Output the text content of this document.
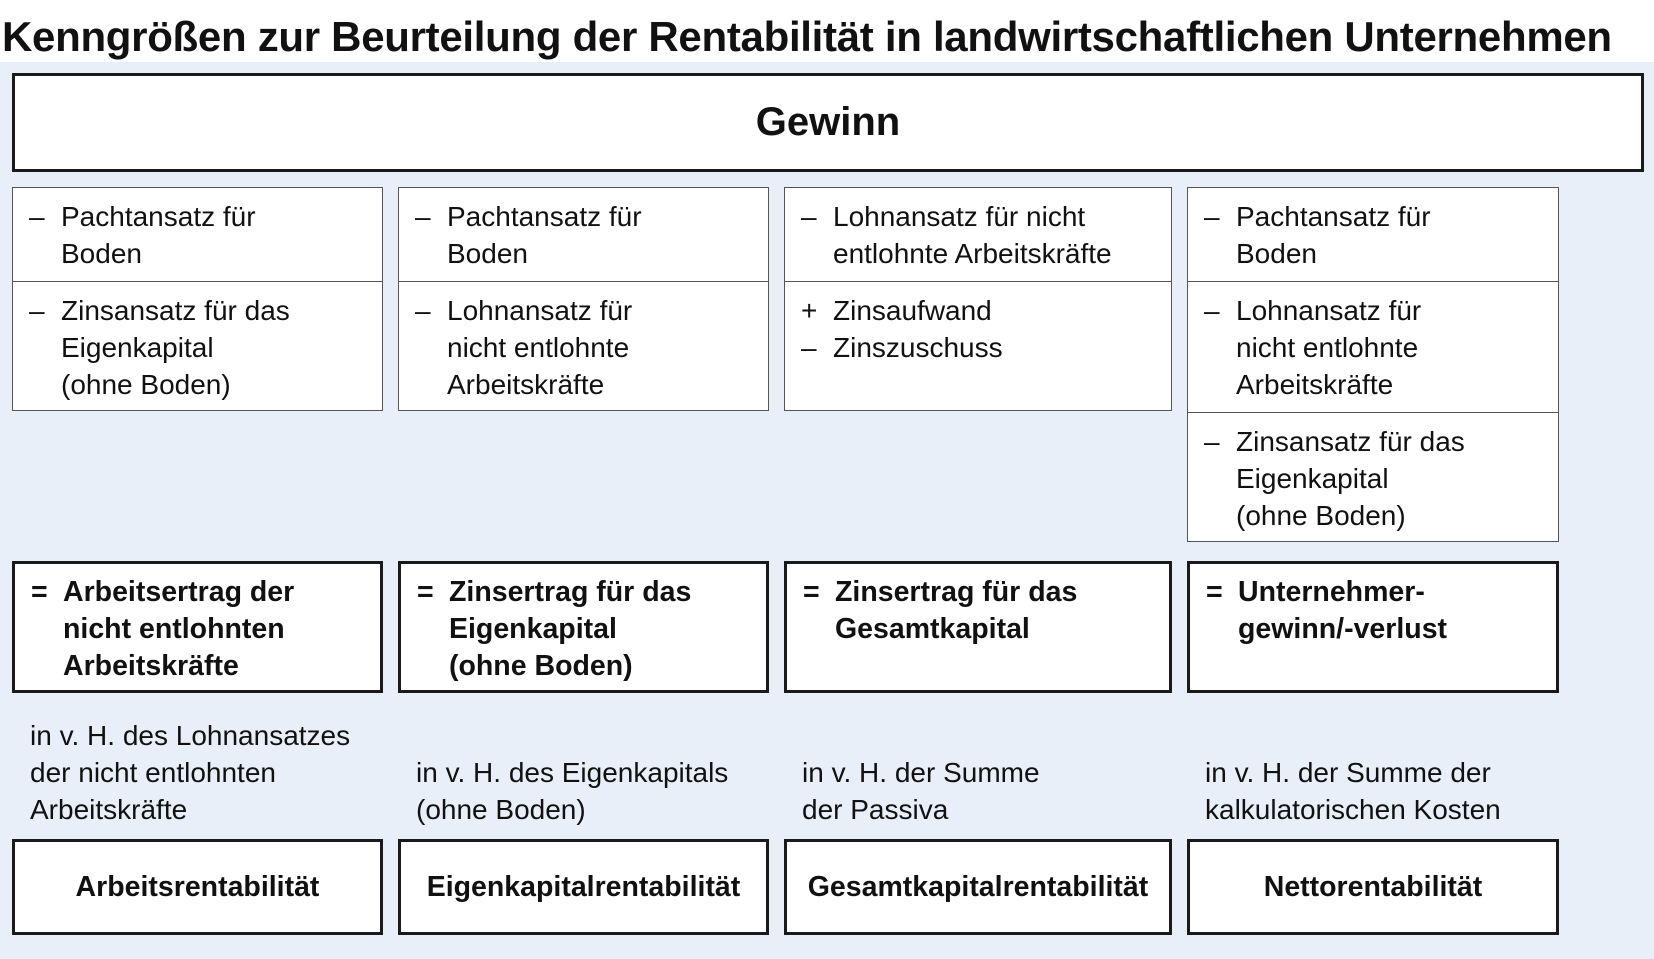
Kenngrößen zur Beurteilung der Rentabilität in landwirtschaftlichen Unternehmen
Gewinn
– Pachtansatz für
Boden
– Zinsansatz für das
Eigenkapital
(ohne Boden)
= Arbeitsertrag der
nicht entlohnten
Arbeitskräfte
in v. H. des Lohnansatzes
der nicht entlohnten
Arbeitskräfte
Arbeitsrentabilität
– Pachtansatz für
Boden
– Lohnansatz für
nicht entlohnte
Arbeitskräfte
= Zinsertrag für das
Eigenkapital
(ohne Boden)
in v. H. des Eigenkapitals
(ohne Boden)
Eigenkapitalrentabilität
– Lohnansatz für nicht
entlohnte Arbeitskräfte
+ Zinsaufwand
– Zinszuschuss
= Zinsertrag für das
Gesamtkapital
in v. H. der Summe
der Passiva
Gesamtkapitalrentabilität
– Pachtansatz für
Boden
– Lohnansatz für
nicht entlohnte
Arbeitskräfte
– Zinsansatz für das
Eigenkapital
(ohne Boden)
= Unternehmer-
gewinn/-verlust
in v. H. der Summe der
kalkulatorischen Kosten
Nettorentabilität
